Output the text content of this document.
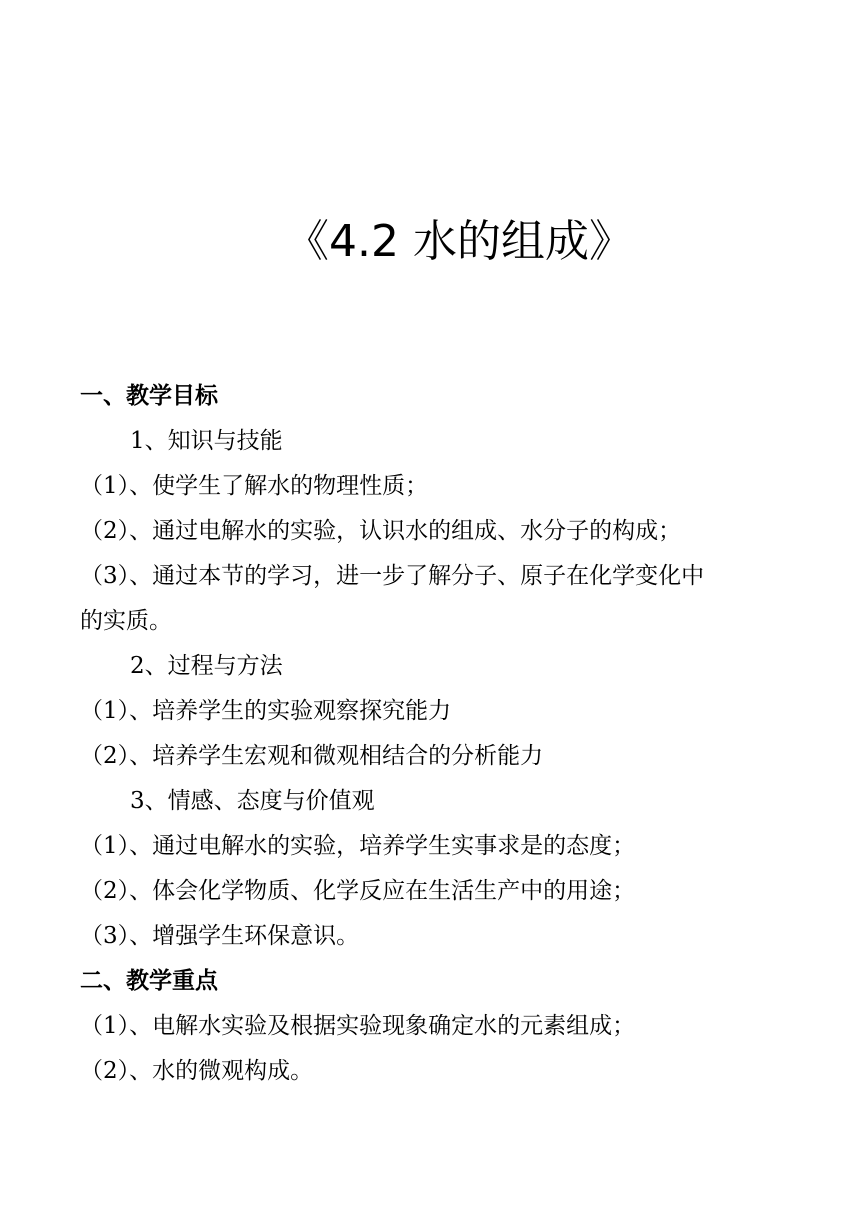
《4.2 水的组成》
一、教学目标
1、知识与技能
（1）、使学生了解水的物理性质；
（2）、通过电解水的实验，认识水的组成、水分子的构成；
（3）、通过本节的学习，进一步了解分子、原子在化学变化中
的实质。
2、过程与方法
（1）、培养学生的实验观察探究能力
（2）、培养学生宏观和微观相结合的分析能力
3、情感、态度与价值观
（1）、通过电解水的实验，培养学生实事求是的态度；
（2）、体会化学物质、化学反应在生活生产中的用途；
（3）、增强学生环保意识。
二、教学重点
（1）、电解水实验及根据实验现象确定水的元素组成；
（2）、水的微观构成。
